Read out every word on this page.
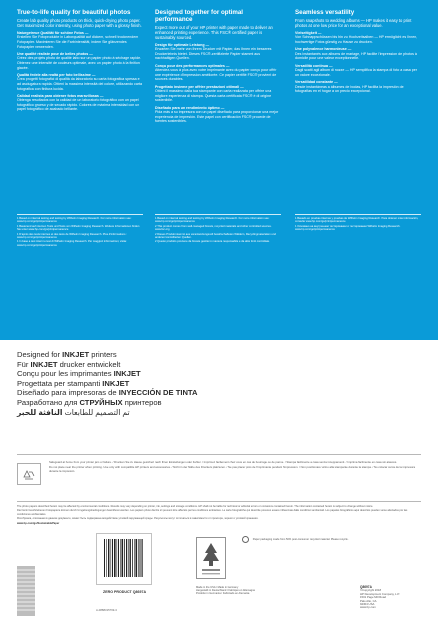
True-to-life quality for beautiful photos

Create lab quality photo products on thick, quick-drying photo paper. Get maximized color intensity, using photo paper with a glossy finish.

Naturgetreue Qualität für schöne Fotos —
Erstellen Sie Fotoprodukte in Laborqualität auf dickem, schnell trocknendem Fotopapier. Maximieren Sie die Farbintensität, indem Sie glänzendes Fotopapier verwenden.
Une qualité réaliste pour de belles photos —
Créez des projets photo de qualité labo sur un papier photo à séchage rapide. Obtenez une intensité de couleurs optimale, avec un papier photo à la finition glacée.
Qualità fedele alla realtà per foto bellissime —
Crea progetti fotografici di qualità da laboratorio su carta fotografica spessa e ad asciugatura rapida. Ottieni la massima intensità del colore, utilizzando carta fotografica con finitura lucida.
Calidad realista para obtener fotos maravillosas —
Obtenga resultados con la calidad de un laboratorio fotográfico con un papel fotográfico grueso y de secado rápido. Colores de máxima intensidad con un papel fotográfico de acabado brillante.
Designed together for optimal performance

Expect more out of your HP printer with paper made to deliver an enhanced printing experience. This FSC® certified paper is sustainably sourced.

Design für optimale Leistung —
Erwarten Sie mehr von Ihrem Drucker mit Papier, das Ihnen ein besseres Druckerlebnis bietet. Dieses FSC®-zertifizierte Papier stammt aus nachhaltigen Quellen.
Conçu pour des performances optimales —
Attendez-vous à plus avec votre imprimante avec du papier conçu pour offrir une expérience d'impression améliorée. Ce papier certifié FSC® provient de sources durables.
Progettato insieme per offrire prestazioni ottimali —
Ottieni il massimo dalla tua stampante con carta realizzata per offrire una migliore esperienza di stampa. Questa carta certificata FSC® è di origine sostenibile.
Diseñado para un rendimiento óptimo —
Pida más a su impresora con un papel diseñado para proporcionar una mejor experiencia de impresión. Este papel con certificación FSC® procede de fuentes sostenibles.
Seamless versatility

From snapshots to wedding albums — HP makes it easy to print photos at one low price for an exceptional value.

Vielseitigkeit —
Von Schnappschüssen bis hin zu Hochzeitsalben — HP ermöglicht es Ihnen, hochwertige Fotos günstig zu Hause zu drucken.
Une polyvalence harmonieuse —
Des instantanés aux albums de mariage, HP facilite l'impression de photos à domicile pour une valeur exceptionnelle.
Versatilità continua —
Dagli scatti agli album di nozze — HP semplifica la stampa di foto a casa per un valore eccezionale.
Versatilidad constante —
Desde instantáneas a álbumes de bodas, HP facilita la impresión de fotografías en el hogar a un precio excepcional.

1 Based on internal testing and testing by Wilhelm Imaging Research. For more information see: www.hp.com/go/printpermanence

1 Basierend auf internen Tests und Tests von Wilhelm Imaging Research. Weitere Informationen finden Sie unter www.hp.com/go/printpermanence

1 D'après des tests internes et des tests de Wilhelm Imaging Research. Plus d'informations : www.hp.com/go/printpermanence

1 In base a test interni e test di Wilhelm Imaging Research. Per maggiori informazioni, visita: www.hp.com/go/printpermanence

1 Based on internal testing and testing by Wilhelm Imaging Research. For more information see: www.hp.com/go/printpermanence

2 This product comes from well-managed forests, recycled materials and other controlled sources. www.fsc.org

2 Dieses Produkt stammt aus verantwortungsvoll bewirtschafteten Wäldern, Recyclingmaterialien und anderen kontrollierten Quellen.

2 Questo prodotto proviene da foreste gestite in maniera responsabile e da altre fonti controllate.

1 Basado en pruebas internas y pruebas de Wilhelm Imaging Research. Para obtener más información, consulte www.hp.com/go/printpermanence

1 Основано на внутреннем тестировании и тестировании Wilhelm Imaging Research. www.hp.com/go/printpermanence

Designed for INKJET printers
Für INKJET drucker entwickelt
Conçu pour les imprimantes INKJET
Progettata per stampanti INKJET
Diseñado para impresoras de INYECCIÓN DE TINTA
Разработано для СТРУЙНЫХ принтеров
تم التصميم للطابعات النافثة للحبر

Safeguard at home from your printer jam or failure. / Drucken Sie zu Hause gesichert nach Ihren Einstellungen oder Fehler. / Imprimez facilement chez vous en cas de bourrage ou de panne. / Stampa facilmente a casa senza inceppamenti. / Imprima fácilmente en casa sin atascos.

Do not place near the printer when printing. Use only with compatible HP printers and accessories. / Nicht in der Nähe des Druckers platzieren. / Ne pas placer près de l'imprimante pendant l'impression. / Non posizionare vicino alla stampante durante la stampa. / No colocar cerca de la impresora durante la impresión.

The photo papers described herein may be affected by environmental conditions. Results may vary depending on printer, ink, settings and storage conditions. HP shall not be liable for technical or editorial errors or omissions contained herein. The information contained herein is subject to change without notice.

Die hierin beschriebenen Fotopapiere können durch Umgebungsbedingungen beeinflusst werden. Les papiers photo décrits ici peuvent être affectés par les conditions ambiantes. Le carte fotografiche qui descritte possono essere influenzate dalle condizioni ambientali. Los papeles fotográficos aquí descritos pueden verse afectados por las condiciones ambientales.

Фотобумага, описанная в данном документе, может быть подвержена воздействию условий окружающей среды. Результаты могут отличаться в зависимости от принтера, чернил и условий хранения.

www.hp.com/go/SustainablePaper

ZERO PRODUCT Q8697A
A-0888315769-3
Paper packaging made from 50% post-consumer recycled material. Please recycle.

Made in the USA / Made in Germany

Hergestellt in Deutschland / Fabriqué en Allemagne

Prodotto in Germania / Fabricado en Alemania

Q8697A

©Copyright 2018

HP Development Company, L.P.

1501 Page Mill Road

Palo Alto, CA

94304 USA

www.hp.com
